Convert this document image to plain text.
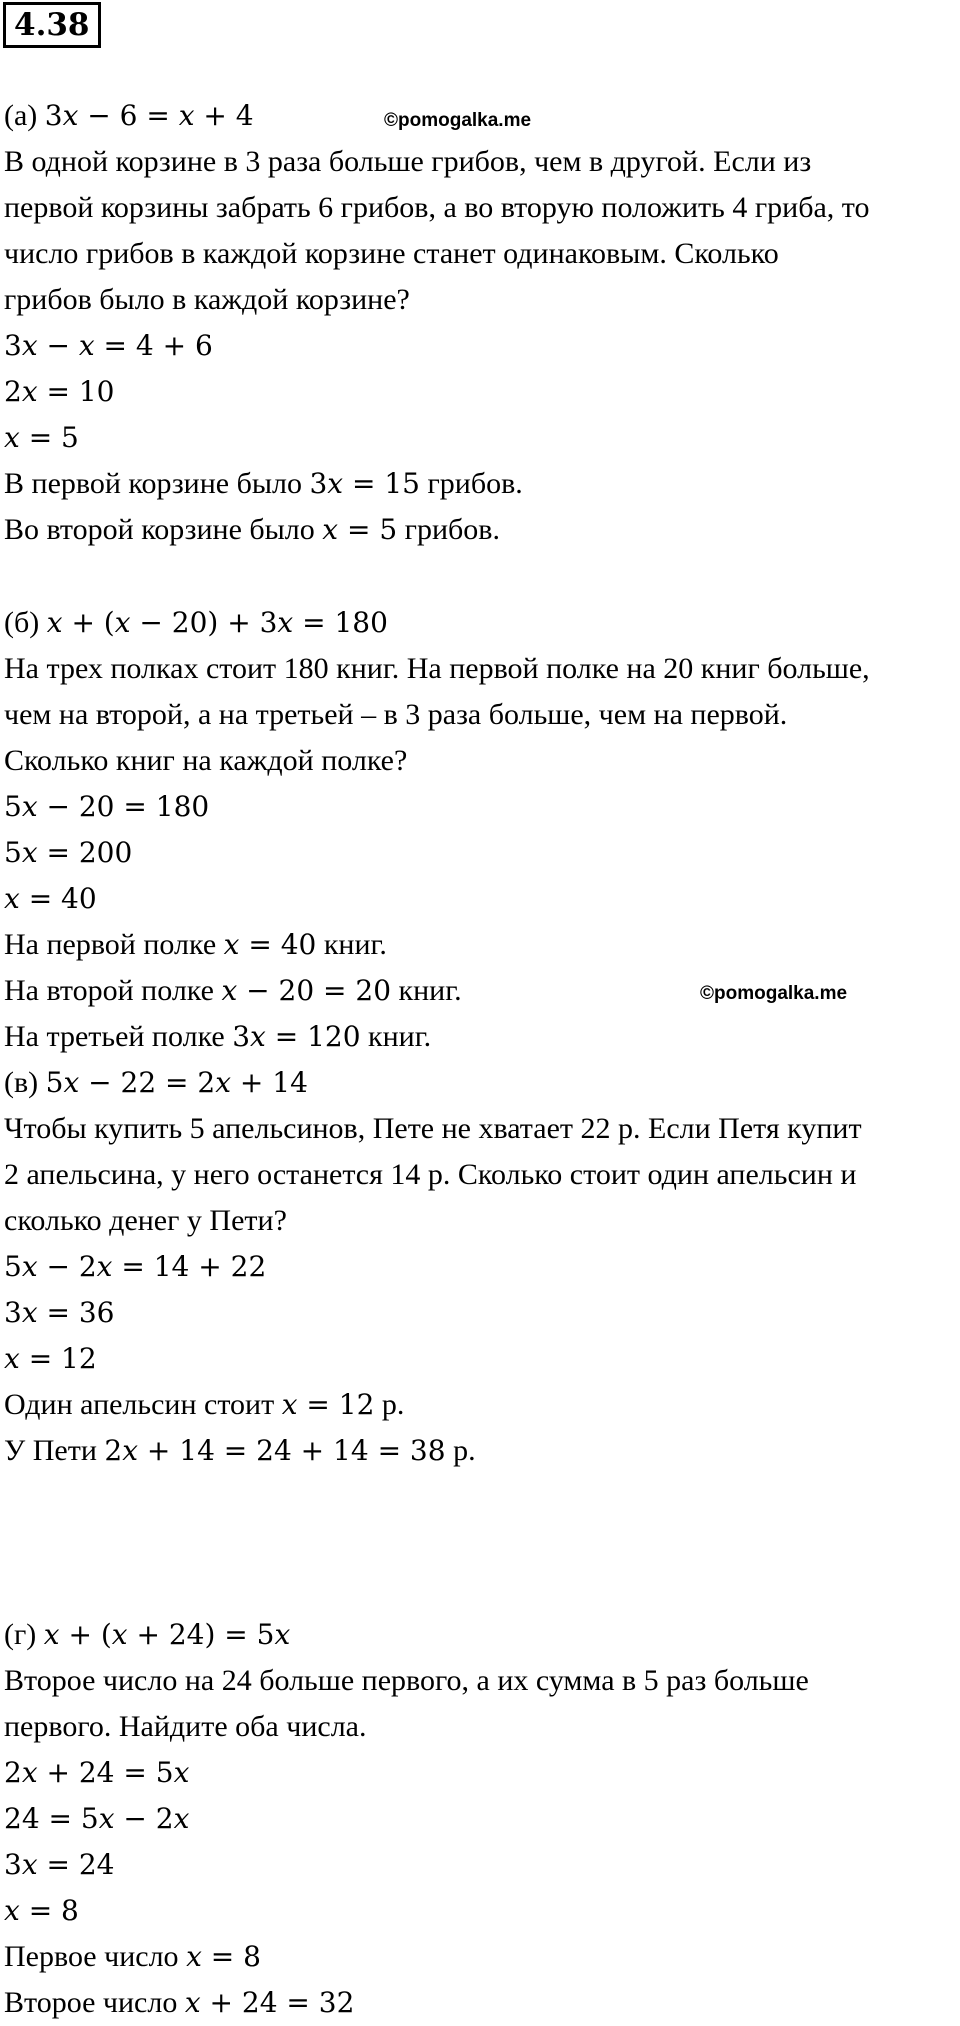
4.38
©pomogalka.me
©pomogalka.me
(а) 3𝑥 − 6 = 𝑥 + 4
В одной корзине в 3 раза больше грибов, чем в другой. Если из
первой корзины забрать 6 грибов, а во вторую положить 4 гриба, то
число грибов в каждой корзине станет одинаковым. Сколько
грибов было в каждой корзине?
3𝑥 − 𝑥 = 4 + 6
2𝑥 = 10
𝑥 = 5
В первой корзине было 3𝑥 = 15 грибов.
Во второй корзине было 𝑥 = 5 грибов.
(б) 𝑥 + (𝑥 − 20) + 3𝑥 = 180
На трех полках стоит 180 книг. На первой полке на 20 книг больше,
чем на второй, а на третьей – в 3 раза больше, чем на первой.
Сколько книг на каждой полке?
5𝑥 − 20 = 180
5𝑥 = 200
𝑥 = 40
На первой полке 𝑥 = 40 книг.
На второй полке 𝑥 − 20 = 20 книг.
На третьей полке 3𝑥 = 120 книг.
(в) 5𝑥 − 22 = 2𝑥 + 14
Чтобы купить 5 апельсинов, Пете не хватает 22 р. Если Петя купит
2 апельсина, у него останется 14 р. Сколько стоит один апельсин и
сколько денег у Пети?
5𝑥 − 2𝑥 = 14 + 22
3𝑥 = 36
𝑥 = 12
Один апельсин стоит 𝑥 = 12 р.
У Пети 2𝑥 + 14 = 24 + 14 = 38 р.
(г) 𝑥 + (𝑥 + 24) = 5𝑥
Второе число на 24 больше первого, а их сумма в 5 раз больше
первого. Найдите оба числа.
2𝑥 + 24 = 5𝑥
24 = 5𝑥 − 2𝑥
3𝑥 = 24
𝑥 = 8
Первое число 𝑥 = 8
Второе число 𝑥 + 24 = 32
